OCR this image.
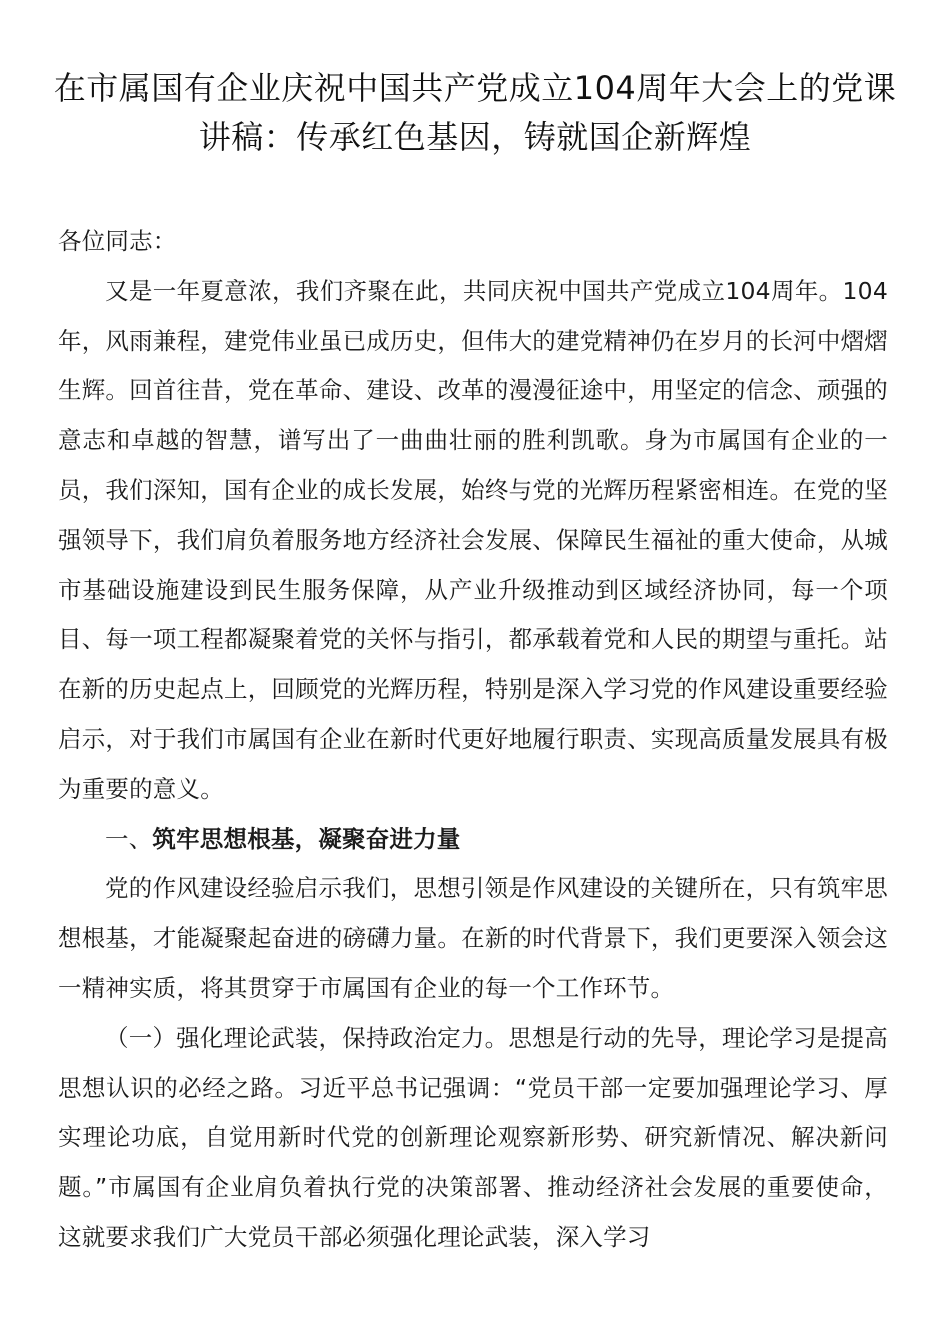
在市属国有企业庆祝中国共产党成立104周年大会上的党课讲稿：传承红色基因，铸就国企新辉煌

各位同志：

又是一年夏意浓，我们齐聚在此，共同庆祝中国共产党成立104周年。104年，风雨兼程，建党伟业虽已成历史，但伟大的建党精神仍在岁月的长河中熠熠生辉。回首往昔，党在革命、建设、改革的漫漫征途中，用坚定的信念、顽强的意志和卓越的智慧，谱写出了一曲曲壮丽的胜利凯歌。身为市属国有企业的一员，我们深知，国有企业的成长发展，始终与党的光辉历程紧密相连。在党的坚强领导下，我们肩负着服务地方经济社会发展、保障民生福祉的重大使命，从城市基础设施建设到民生服务保障，从产业升级推动到区域经济协同，每一个项目、每一项工程都凝聚着党的关怀与指引，都承载着党和人民的期望与重托。站在新的历史起点上，回顾党的光辉历程，特别是深入学习党的作风建设重要经验启示，对于我们市属国有企业在新时代更好地履行职责、实现高质量发展具有极为重要的意义。

一、筑牢思想根基，凝聚奋进力量

党的作风建设经验启示我们，思想引领是作风建设的关键所在，只有筑牢思想根基，才能凝聚起奋进的磅礴力量。在新的时代背景下，我们更要深入领会这一精神实质，将其贯穿于市属国有企业的每一个工作环节。

（一）强化理论武装，保持政治定力。思想是行动的先导，理论学习是提高思想认识的必经之路。习近平总书记强调：“党员干部一定要加强理论学习、厚实理论功底，自觉用新时代党的创新理论观察新形势、研究新情况、解决新问题。”市属国有企业肩负着执行党的决策部署、推动经济社会发展的重要使命，这就要求我们广大党员干部必须强化理论武装，深入学习
